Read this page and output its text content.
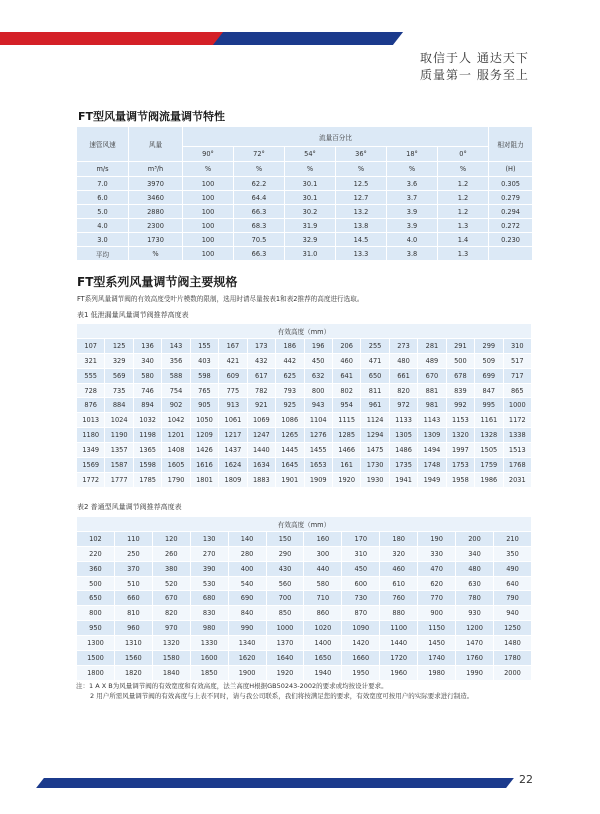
取信于人 通达天下
质量第一 服务至上
FT型风量调节阀流量调节特性
速管风速	风量	流量百分比						相对阻力
		90°	72°	54°	36°	18°	0°	
m/s	m³/h	%	%	%	%	%	%	(H)
7.0	3970	100	62.2	30.1	12.5	3.6	1.2	0.305
6.0	3460	100	64.4	30.1	12.7	3.7	1.2	0.279
5.0	2880	100	66.3	30.2	13.2	3.9	1.2	0.294
4.0	2300	100	68.3	31.9	13.8	3.9	1.3	0.272
3.0	1730	100	70.5	32.9	14.5	4.0	1.4	0.230
平均	%	100	66.3	31.0	13.3	3.8	1.3	
FT型系列风量调节阀主要规格
FT系列风量调节阀的有效高度受叶片模数的限制，选用时请尽量按表1和表2推荐的高度进行选取。
表1 低泄漏量风量调节阀推荐高度表
有效高度（mm）															
107	125	136	143	155	167	173	186	196	206	255	273	281	291	299	310
321	329	340	356	403	421	432	442	450	460	471	480	489	500	509	517
555	569	580	588	598	609	617	625	632	641	650	661	670	678	699	717
728	735	746	754	765	775	782	793	800	802	811	820	881	839	847	865
876	884	894	902	905	913	921	925	943	954	961	972	981	992	995	1000
1013	1024	1032	1042	1050	1061	1069	1086	1104	1115	1124	1133	1143	1153	1161	1172
1180	1190	1198	1201	1209	1217	1247	1265	1276	1285	1294	1305	1309	1320	1328	1338
1349	1357	1365	1408	1426	1437	1440	1445	1455	1466	1475	1486	1494	1997	1505	1513
1569	1587	1598	1605	1616	1624	1634	1645	1653	161	1730	1735	1748	1753	1759	1768
1772	1777	1785	1790	1801	1809	1883	1901	1909	1920	1930	1941	1949	1958	1986	2031
表2 普通型风量调节阀推荐高度表
有效高度（mm）											
102	110	120	130	140	150	160	170	180	190	200	210
220	250	260	270	280	290	300	310	320	330	340	350
360	370	380	390	400	430	440	450	460	470	480	490
500	510	520	530	540	560	580	600	610	620	630	640
650	660	670	680	690	700	710	730	760	770	780	790
800	810	820	830	840	850	860	870	880	900	930	940
950	960	970	980	990	1000	1020	1090	1100	1150	1200	1250
1300	1310	1320	1330	1340	1370	1400	1420	1440	1450	1470	1480
1500	1560	1580	1600	1620	1640	1650	1660	1720	1740	1760	1780
1800	1820	1840	1850	1900	1920	1940	1950	1960	1980	1990	2000
注：1 A X B为风量调节阀的有效宽度和有效高度，法兰高度H根据GB50243-2002的要求或均按设计要求。
2 用户所需风量调节阀的有效高度与上表不同时，请与我公司联系，我们将按满足您的要求，有效宽度可按用户的实际要求进行制造。
22
